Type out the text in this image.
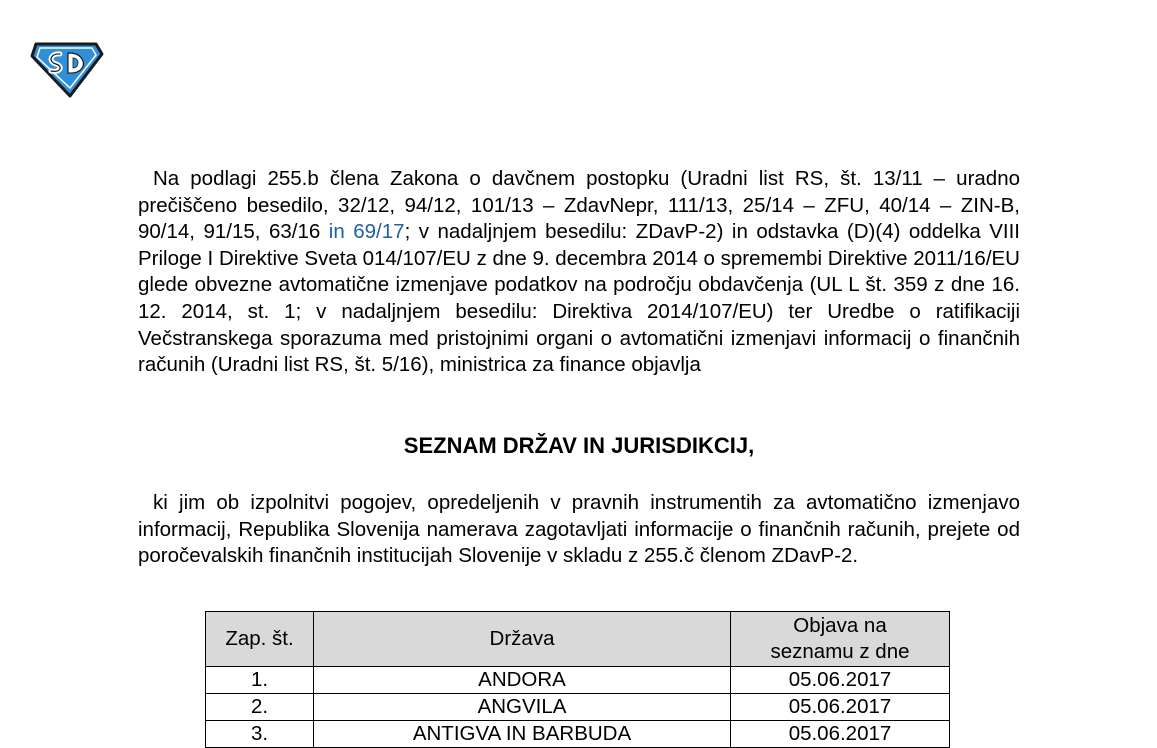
Na podlagi 255.b člena Zakona o davčnem postopku (Uradni list RS, št. 13/11 – uradno prečiščeno besedilo, 32/12, 94/12, 101/13 – ZdavNepr, 111/13, 25/14 – ZFU, 40/14 – ZIN-B, 90/14, 91/15, 63/16 in 69/17; v nadaljnjem besedilu: ZDavP-2) in odstavka (D)(4) oddelka VIII Priloge I Direktive Sveta 014/107/EU z dne 9. decembra 2014 o spremembi Direktive 2011/16/EU glede obvezne avtomatične izmenjave podatkov na področju obdavčenja (UL L št. 359 z dne 16. 12. 2014, st. 1; v nadaljnjem besedilu: Direktiva 2014/107/EU) ter Uredbe o ratifikaciji Večstranskega sporazuma med pristojnimi organi o avtomatični izmenjavi informacij o finančnih računih (Uradni list RS, št. 5/16), ministrica za finance objavlja

SEZNAM DRŽAV IN JURISDIKCIJ,

ki jim ob izpolnitvi pogojev, opredeljenih v pravnih instrumentih za avtomatično izmenjavo informacij, Republika Slovenija namerava zagotavljati informacije o finančnih računih, prejete od poročevalskih finančnih institucijah Slovenije v skladu z 255.č členom ZDavP-2.

Zap. št.	Država	Objava na
seznamu z dne
1.	ANDORA	05.06.2017
2.	ANGVILA	05.06.2017
3.	ANTIGVA IN BARBUDA	05.06.2017
